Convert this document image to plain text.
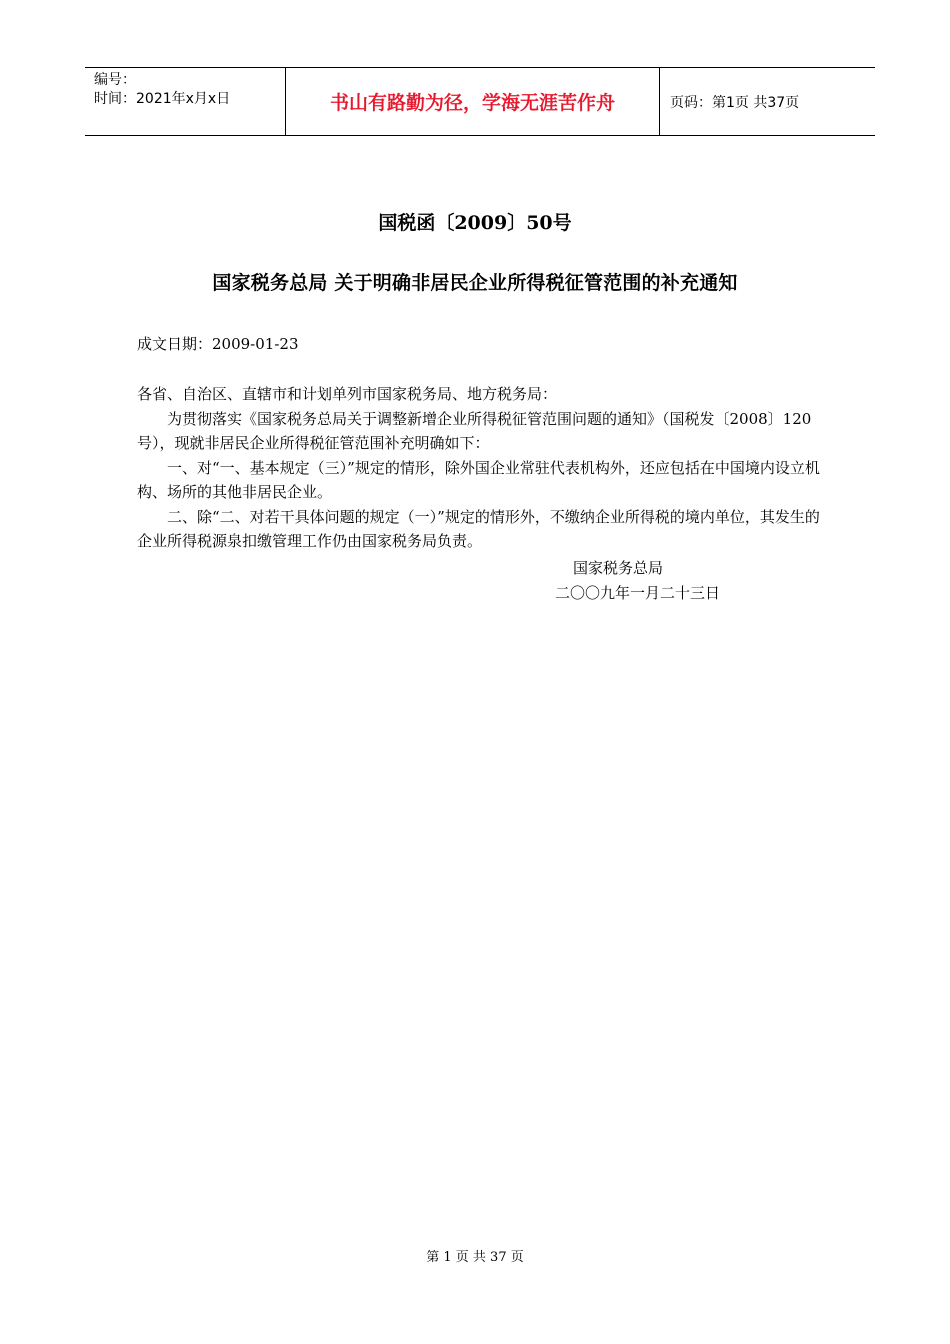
编号：
时间：2021年x月x日	书山有路勤为径，学海无涯苦作舟	页码：第1页 共37页
国税函〔2009〕50号
国家税务总局 关于明确非居民企业所得税征管范围的补充通知
成文日期：2009-01-23

各省、自治区、直辖市和计划单列市国家税务局、地方税务局：

为贯彻落实《国家税务总局关于调整新增企业所得税征管范围问题的通知》（国税发〔2008〕120号），现就非居民企业所得税征管范围补充明确如下：

一、对“一、基本规定（三）”规定的情形，除外国企业常驻代表机构外，还应包括在中国境内设立机构、场所的其他非居民企业。

二、除“二、对若干具体问题的规定（一）”规定的情形外，不缴纳企业所得税的境内单位，其发生的企业所得税源泉扣缴管理工作仍由国家税务局负责。

国家税务总局
二〇〇九年一月二十三日
第 1 页 共 37 页
